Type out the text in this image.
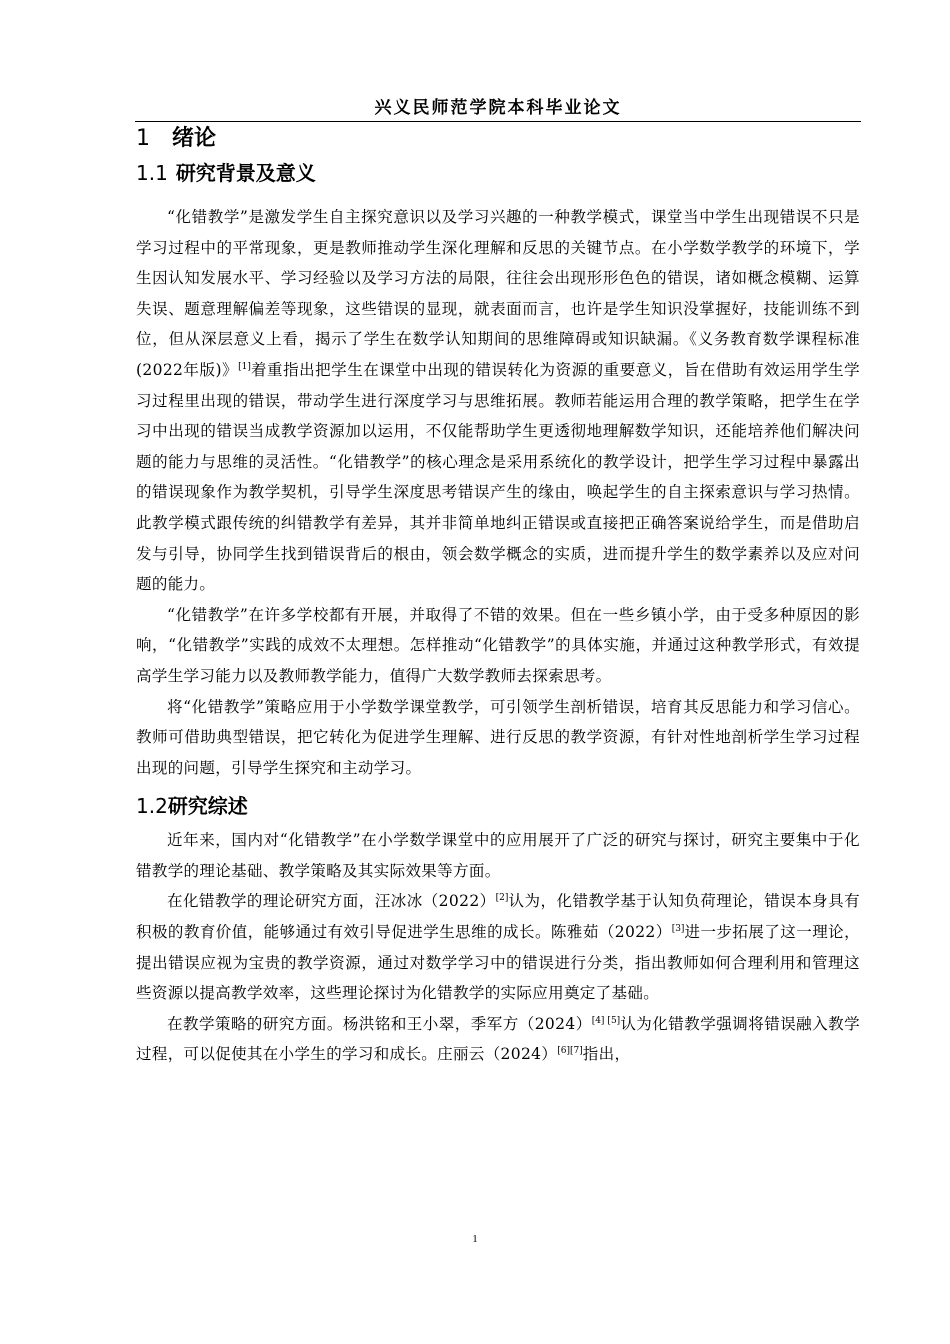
兴义民师范学院本科毕业论文
1 绪论
1.1 研究背景及意义

“化错教学”是激发学生自主探究意识以及学习兴趣的一种教学模式，课堂当中学生出现错误不只是学习过程中的平常现象，更是教师推动学生深化理解和反思的关键节点。在小学数学教学的环境下，学生因认知发展水平、学习经验以及学习方法的局限，往往会出现形形色色的错误，诸如概念模糊、运算失误、题意理解偏差等现象，这些错误的显现，就表面而言，也许是学生知识没掌握好，技能训练不到位，但从深层意义上看，揭示了学生在数学认知期间的思维障碍或知识缺漏。《义务教育数学课程标准(2022年版)》[1]着重指出把学生在课堂中出现的错误转化为资源的重要意义，旨在借助有效运用学生学习过程里出现的错误，带动学生进行深度学习与思维拓展。教师若能运用合理的教学策略，把学生在学习中出现的错误当成教学资源加以运用，不仅能帮助学生更透彻地理解数学知识，还能培养他们解决问题的能力与思维的灵活性。“化错教学”的核心理念是采用系统化的教学设计，把学生学习过程中暴露出的错误现象作为教学契机，引导学生深度思考错误产生的缘由，唤起学生的自主探索意识与学习热情。此教学模式跟传统的纠错教学有差异，其并非简单地纠正错误或直接把正确答案说给学生，而是借助启发与引导，协同学生找到错误背后的根由，领会数学概念的实质，进而提升学生的数学素养以及应对问题的能力。

“化错教学”在许多学校都有开展，并取得了不错的效果。但在一些乡镇小学，由于受多种原因的影响，“化错教学”实践的成效不太理想。怎样推动“化错教学”的具体实施，并通过这种教学形式，有效提高学生学习能力以及教师教学能力，值得广大数学教师去探索思考。

将“化错教学”策略应用于小学数学课堂教学，可引领学生剖析错误，培育其反思能力和学习信心。教师可借助典型错误，把它转化为促进学生理解、进行反思的教学资源，有针对性地剖析学生学习过程出现的问题，引导学生探究和主动学习。

1.2研究综述

近年来，国内对“化错教学”在小学数学课堂中的应用展开了广泛的研究与探讨，研究主要集中于化错教学的理论基础、教学策略及其实际效果等方面。

在化错教学的理论研究方面，汪冰冰（2022）[2]认为，化错教学基于认知负荷理论，错误本身具有积极的教育价值，能够通过有效引导促进学生思维的成长。陈雅茹（2022）[3]进一步拓展了这一理论，提出错误应视为宝贵的教学资源，通过对数学学习中的错误进行分类，指出教师如何合理利用和管理这些资源以提高教学效率，这些理论探讨为化错教学的实际应用奠定了基础。

在教学策略的研究方面。杨洪铭和王小翠，季军方（2024）[4] [5]认为化错教学强调将错误融入教学过程，可以促使其在小学生的学习和成长。庄丽云（2024）[6][7]指出，

1
